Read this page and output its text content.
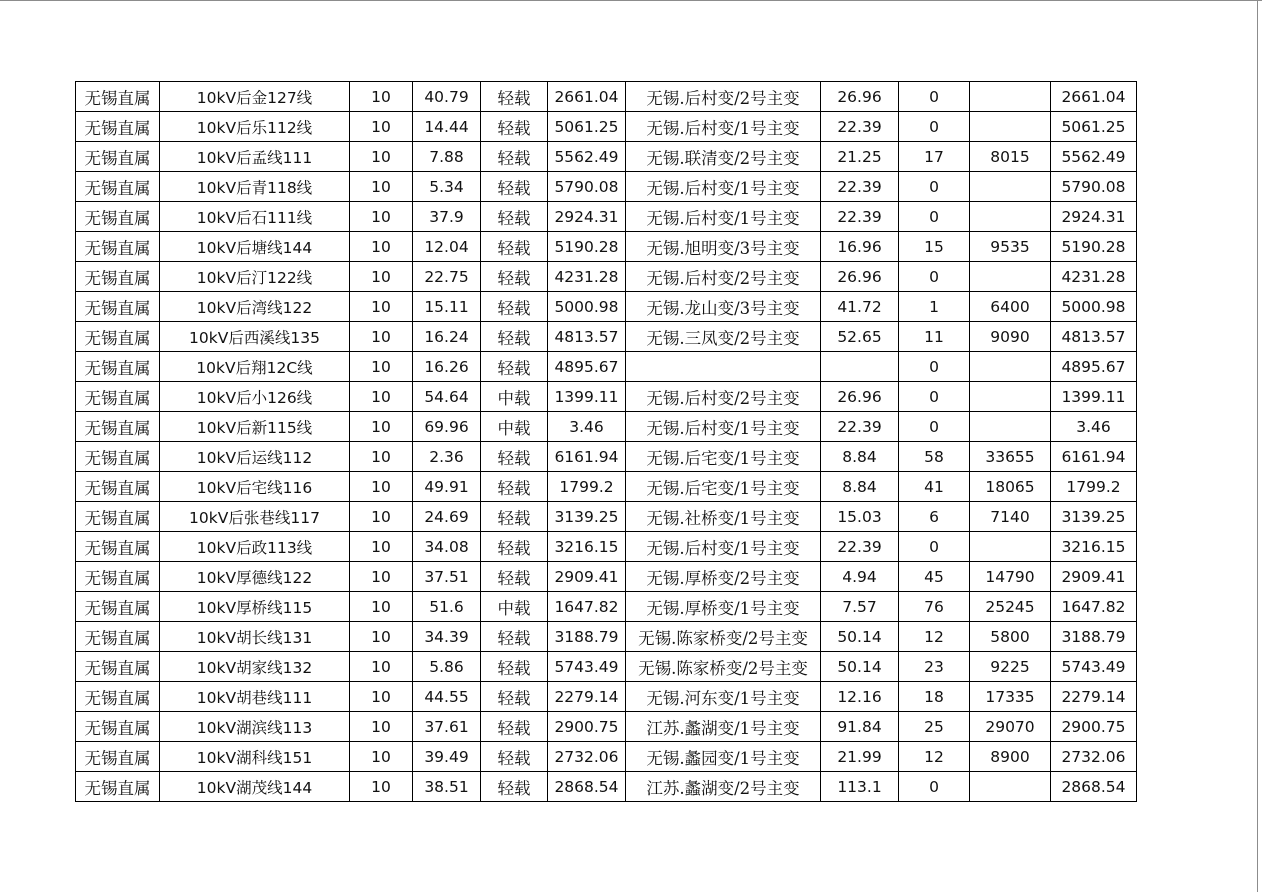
无锡直属	10kV后金127线	10	40.79	轻载	2661.04	无锡.后村变/2号主变	26.96	0		2661.04
无锡直属	10kV后乐112线	10	14.44	轻载	5061.25	无锡.后村变/1号主变	22.39	0		5061.25
无锡直属	10kV后孟线111	10	7.88	轻载	5562.49	无锡.联清变/2号主变	21.25	17	8015	5562.49
无锡直属	10kV后青118线	10	5.34	轻载	5790.08	无锡.后村变/1号主变	22.39	0		5790.08
无锡直属	10kV后石111线	10	37.9	轻载	2924.31	无锡.后村变/1号主变	22.39	0		2924.31
无锡直属	10kV后塘线144	10	12.04	轻载	5190.28	无锡.旭明变/3号主变	16.96	15	9535	5190.28
无锡直属	10kV后汀122线	10	22.75	轻载	4231.28	无锡.后村变/2号主变	26.96	0		4231.28
无锡直属	10kV后湾线122	10	15.11	轻载	5000.98	无锡.龙山变/3号主变	41.72	1	6400	5000.98
无锡直属	10kV后西溪线135	10	16.24	轻载	4813.57	无锡.三凤变/2号主变	52.65	11	9090	4813.57
无锡直属	10kV后翔12C线	10	16.26	轻载	4895.67			0		4895.67
无锡直属	10kV后小126线	10	54.64	中载	1399.11	无锡.后村变/2号主变	26.96	0		1399.11
无锡直属	10kV后新115线	10	69.96	中载	3.46	无锡.后村变/1号主变	22.39	0		3.46
无锡直属	10kV后运线112	10	2.36	轻载	6161.94	无锡.后宅变/1号主变	8.84	58	33655	6161.94
无锡直属	10kV后宅线116	10	49.91	轻载	1799.2	无锡.后宅变/1号主变	8.84	41	18065	1799.2
无锡直属	10kV后张巷线117	10	24.69	轻载	3139.25	无锡.社桥变/1号主变	15.03	6	7140	3139.25
无锡直属	10kV后政113线	10	34.08	轻载	3216.15	无锡.后村变/1号主变	22.39	0		3216.15
无锡直属	10kV厚德线122	10	37.51	轻载	2909.41	无锡.厚桥变/2号主变	4.94	45	14790	2909.41
无锡直属	10kV厚桥线115	10	51.6	中载	1647.82	无锡.厚桥变/1号主变	7.57	76	25245	1647.82
无锡直属	10kV胡长线131	10	34.39	轻载	3188.79	无锡.陈家桥变/2号主变	50.14	12	5800	3188.79
无锡直属	10kV胡家线132	10	5.86	轻载	5743.49	无锡.陈家桥变/2号主变	50.14	23	9225	5743.49
无锡直属	10kV胡巷线111	10	44.55	轻载	2279.14	无锡.河东变/1号主变	12.16	18	17335	2279.14
无锡直属	10kV湖滨线113	10	37.61	轻载	2900.75	江苏.蠡湖变/1号主变	91.84	25	29070	2900.75
无锡直属	10kV湖科线151	10	39.49	轻载	2732.06	无锡.蠡园变/1号主变	21.99	12	8900	2732.06
无锡直属	10kV湖茂线144	10	38.51	轻载	2868.54	江苏.蠡湖变/2号主变	113.1	0		2868.54
